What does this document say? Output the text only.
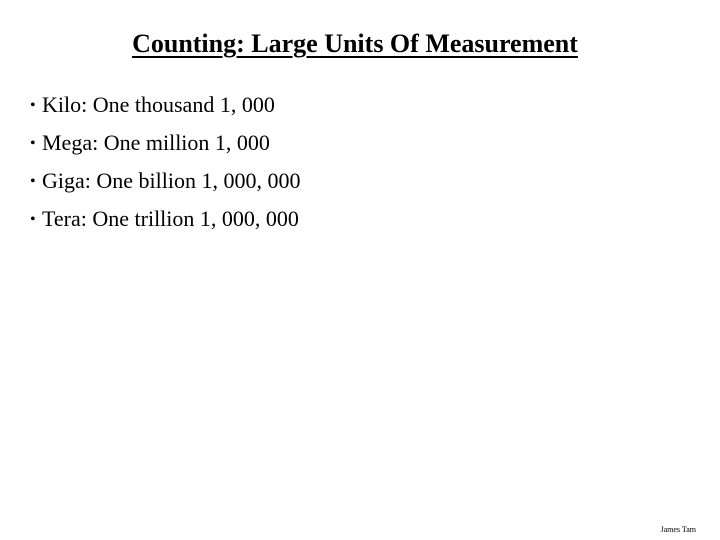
Counting: Large Units Of Measurement
• Kilo: One thousand 1, 000
• Mega: One million 1, 000
• Giga: One billion 1, 000, 000
• Tera: One trillion 1, 000, 000
James Tam
